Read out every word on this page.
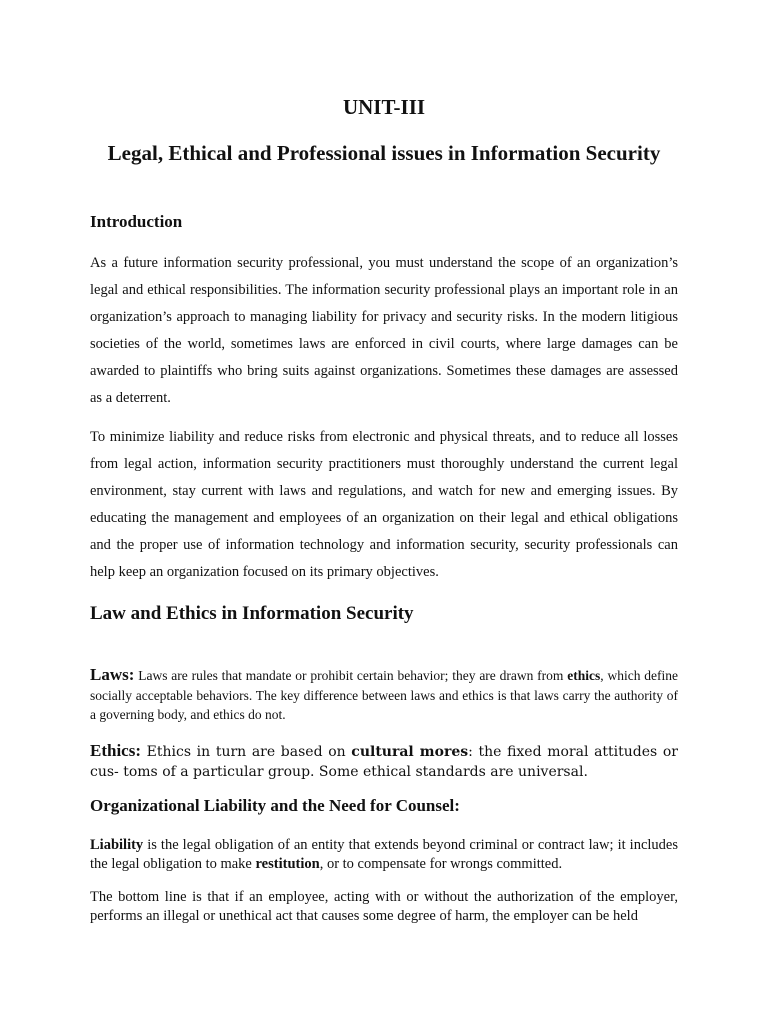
UNIT-III
Legal, Ethical and Professional issues in Information Security
Introduction

As a future information security professional, you must understand the scope of an organization’s legal and ethical responsibilities. The information security professional plays an important role in an organization’s approach to managing liability for privacy and security risks. In the modern litigious societies of the world, sometimes laws are enforced in civil courts, where large damages can be awarded to plaintiffs who bring suits against organizations. Sometimes these damages are assessed as a deterrent.

To minimize liability and reduce risks from electronic and physical threats, and to reduce all losses from legal action, information security practitioners must thoroughly understand the current legal environment, stay current with laws and regulations, and watch for new and emerging issues. By educating the management and employees of an organization on their legal and ethical obligations and the proper use of information technology and information security, security professionals can help keep an organization focused on its primary objectives.

Law and Ethics in Information Security

Laws: Laws are rules that mandate or prohibit certain behavior; they are drawn from ethics, which define socially acceptable behaviors. The key difference between laws and ethics is that laws carry the authority of a governing body, and ethics do not.

Ethics: Ethics in turn are based on cultural mores: the fixed moral attitudes or cus- toms of a particular group. Some ethical standards are universal.

Organizational Liability and the Need for Counsel:

Liability is the legal obligation of an entity that extends beyond criminal or contract law; it includes the legal obligation to make restitution, or to compensate for wrongs committed.

The bottom line is that if an employee, acting with or without the authorization of the employer, performs an illegal or unethical act that causes some degree of harm, the employer can be held
